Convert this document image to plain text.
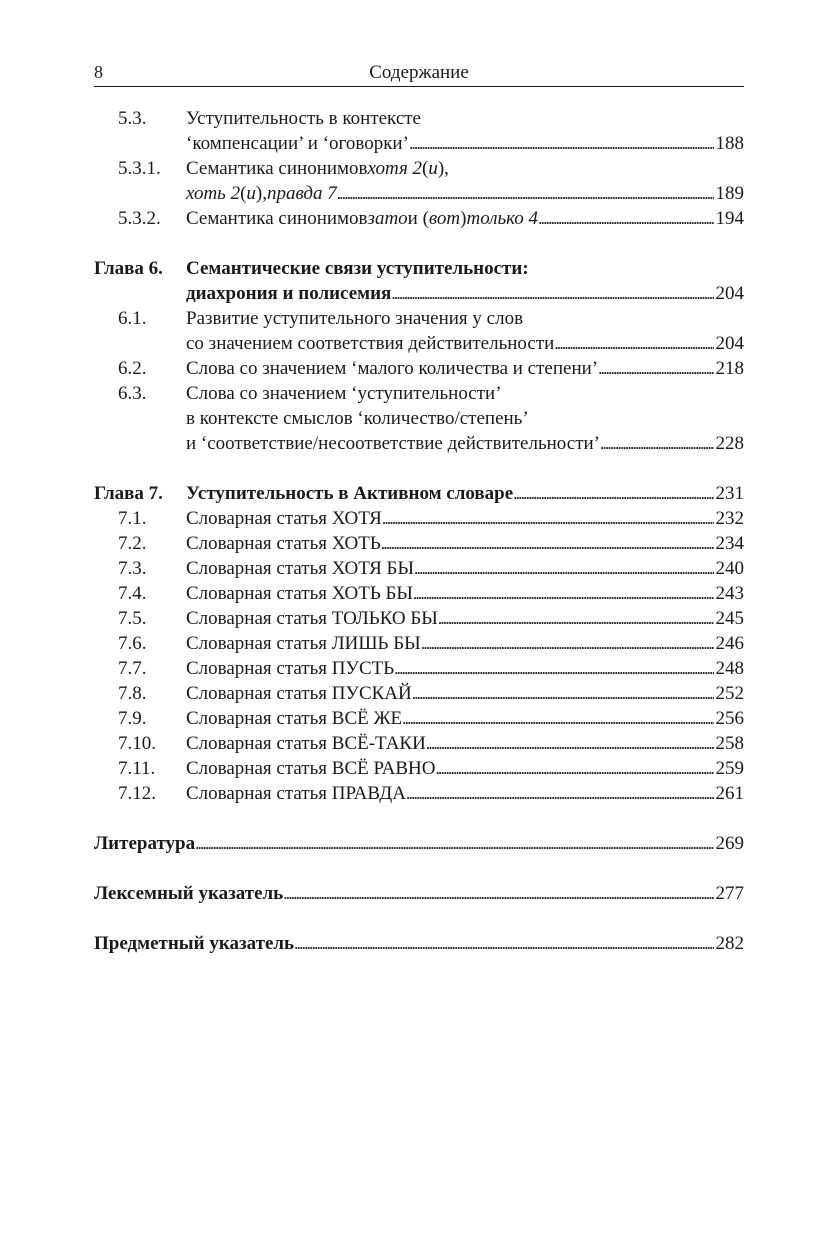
8	Содержание
5.3. Уступительность в контексте
‘компенсации’ и ‘оговорки’ . . .	188
5.3.1. Семантика синонимов хотя 2 ( и ),
хоть 2 ( и ), правда 7 . . .	189
5.3.2. Семантика синонимов зато и ( вот ) только 4 . . .	194
Глава 6. Семантические связи уступительности:
диахрония и полисемия . . .	204
6.1. Развитие уступительного значения у слов
со значением соответствия действительности . . .	204
6.2. Слова со значением ‘малого количества и степени’ . . .	218
6.3. Слова со значением ‘уступительности’
в контексте смыслов ‘количество/степень’
и ‘соответствие/несоответствие действительности’ . . .	228
Глава 7. Уступительность в Активном словаре . . .	231
7.1. Словарная статья ХОТЯ . . .	232
7.2. Словарная статья ХОТЬ . . .	234
7.3. Словарная статья ХОТЯ БЫ . . .	240
7.4. Словарная статья ХОТЬ БЫ . . .	243
7.5. Словарная статья ТОЛЬКО БЫ . . .	245
7.6. Словарная статья ЛИШЬ БЫ . . .	246
7.7. Словарная статья ПУСТЬ . . .	248
7.8. Словарная статья ПУСКАЙ . . .	252
7.9. Словарная статья ВСЁ ЖЕ . . .	256
7.10. Словарная статья ВСЁ-ТАКИ . . .	258
7.11. Словарная статья ВСЁ РАВНО . . .	259
7.12. Словарная статья ПРАВДА . . .	261
Литература . . .	269
Лексемный указатель . . .	277
Предметный указатель . . .	282
